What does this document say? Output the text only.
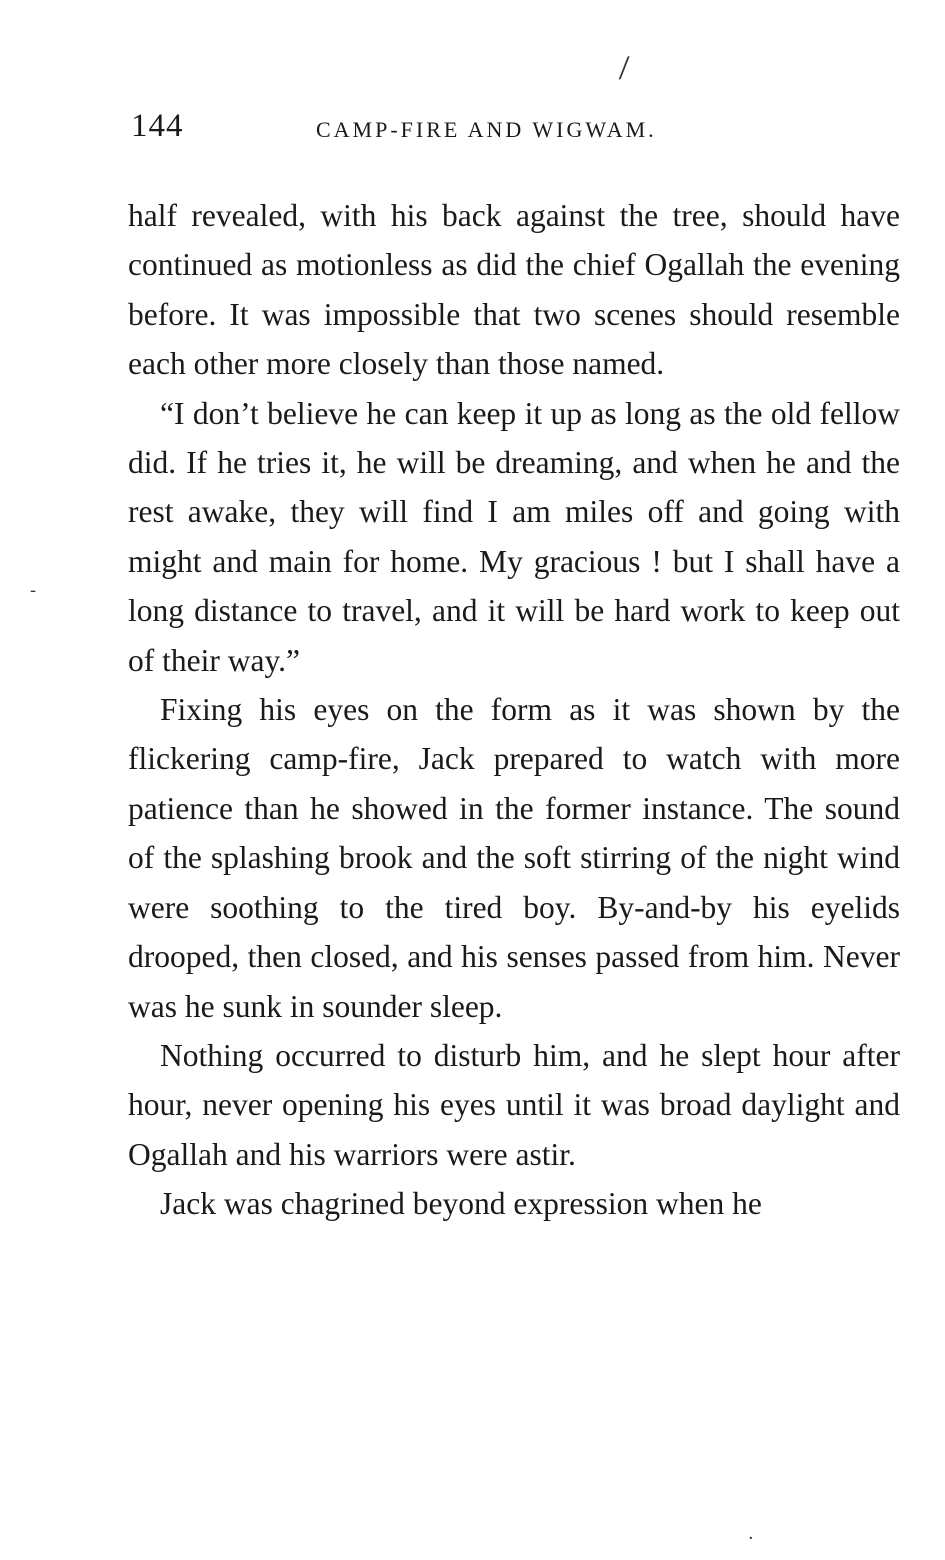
⁄
-
·
144	CAMP-FIRE AND WIGWAM.

half revealed, with his back against the tree, should have continued as motionless as did the chief Ogallah the evening before. It was impossible that two scenes should resemble each other more closely than those named.

“I don’t believe he can keep it up as long as the old fellow did. If he tries it, he will be dreaming, and when he and the rest awake, they will find I am miles off and going with might and main for home. My gracious ! but I shall have a long distance to travel, and it will be hard work to keep out of their way.”

Fixing his eyes on the form as it was shown by the flickering camp-fire, Jack prepared to watch with more patience than he showed in the former instance. The sound of the splashing brook and the soft stirring of the night wind were soothing to the tired boy. By-and-by his eyelids drooped, then closed, and his senses passed from him. Never was he sunk in sounder sleep.

Nothing occurred to disturb him, and he slept hour after hour, never opening his eyes until it was broad daylight and Ogallah and his warriors were astir.

Jack was chagrined beyond expression when he
